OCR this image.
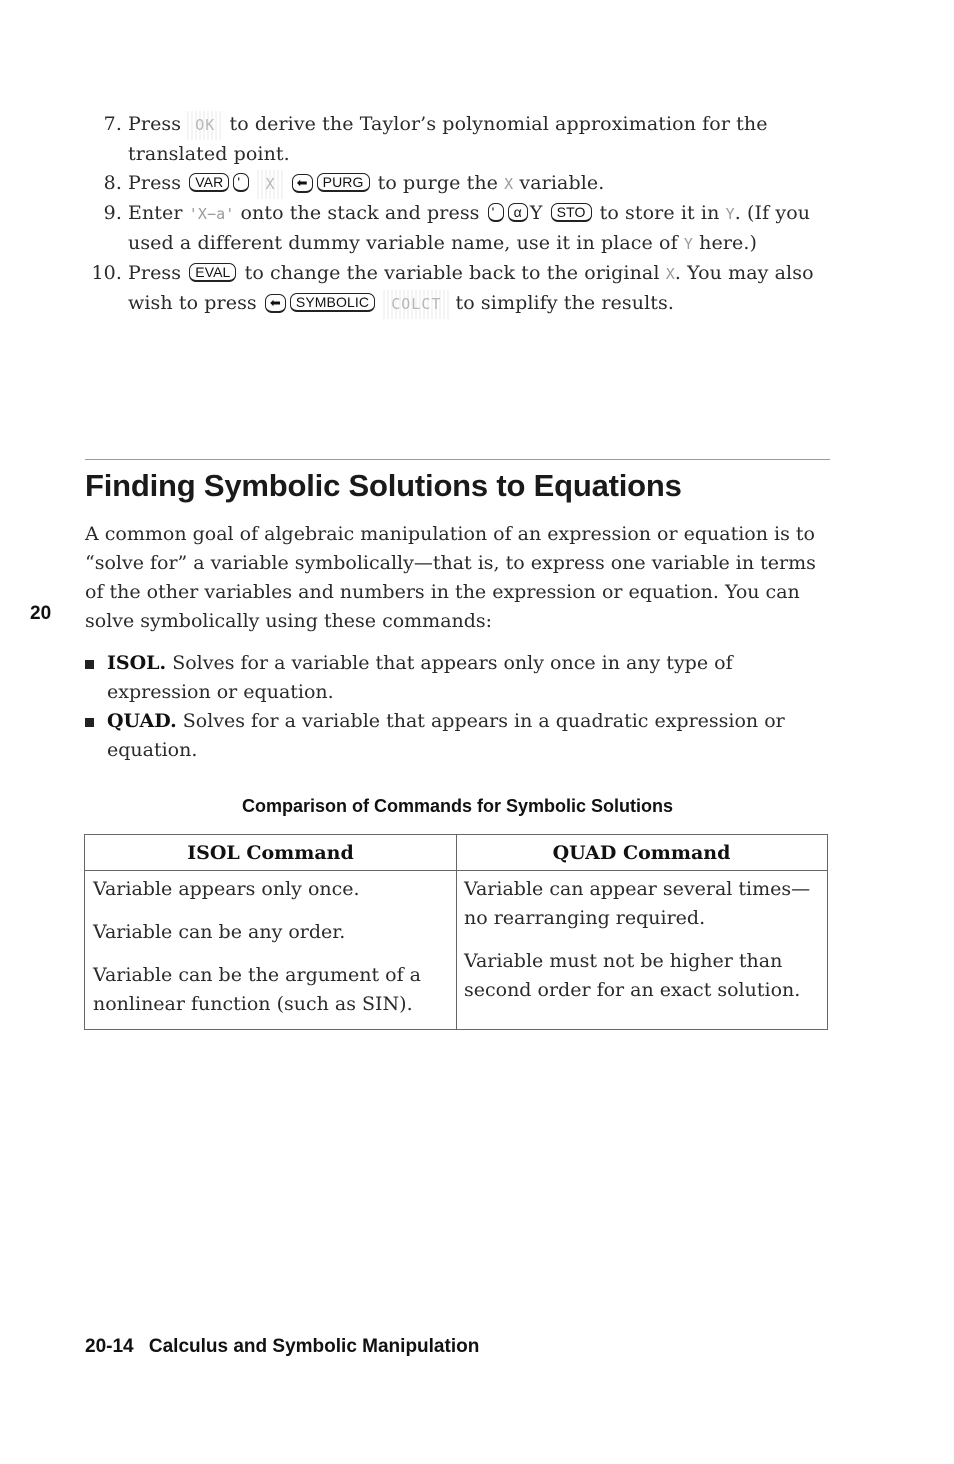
7. Press OK to derive the Taylor’s polynomial approximation for the translated point.
8. Press VAR ' X ⬅ PURG to purge the X variable.
9. Enter 'X−a' onto the stack and press ' α Y STO to store it in Y. (If you used a different dummy variable name, use it in place of Y here.)
10. Press EVAL to change the variable back to the original X. You may also wish to press ⬅ SYMBOLIC COLCT to simplify the results.
Finding Symbolic Solutions to Equations
20

A common goal of algebraic manipulation of an expression or equation is to “solve for” a variable symbolically—that is, to express one variable in terms of the other variables and numbers in the expression or equation. You can solve symbolically using these commands:

ISOL. Solves for a variable that appears only once in any type of expression or equation.
QUAD. Solves for a variable that appears in a quadratic expression or equation.

Comparison of Commands for Symbolic Solutions

ISOL Command
Variable appears only once.
Variable can be any order.
Variable can be the argument of a nonlinear function (such as SIN).
QUAD Command
Variable can appear several times—no rearranging required.
Variable must not be higher than second order for an exact solution.
20-14 Calculus and Symbolic Manipulation
